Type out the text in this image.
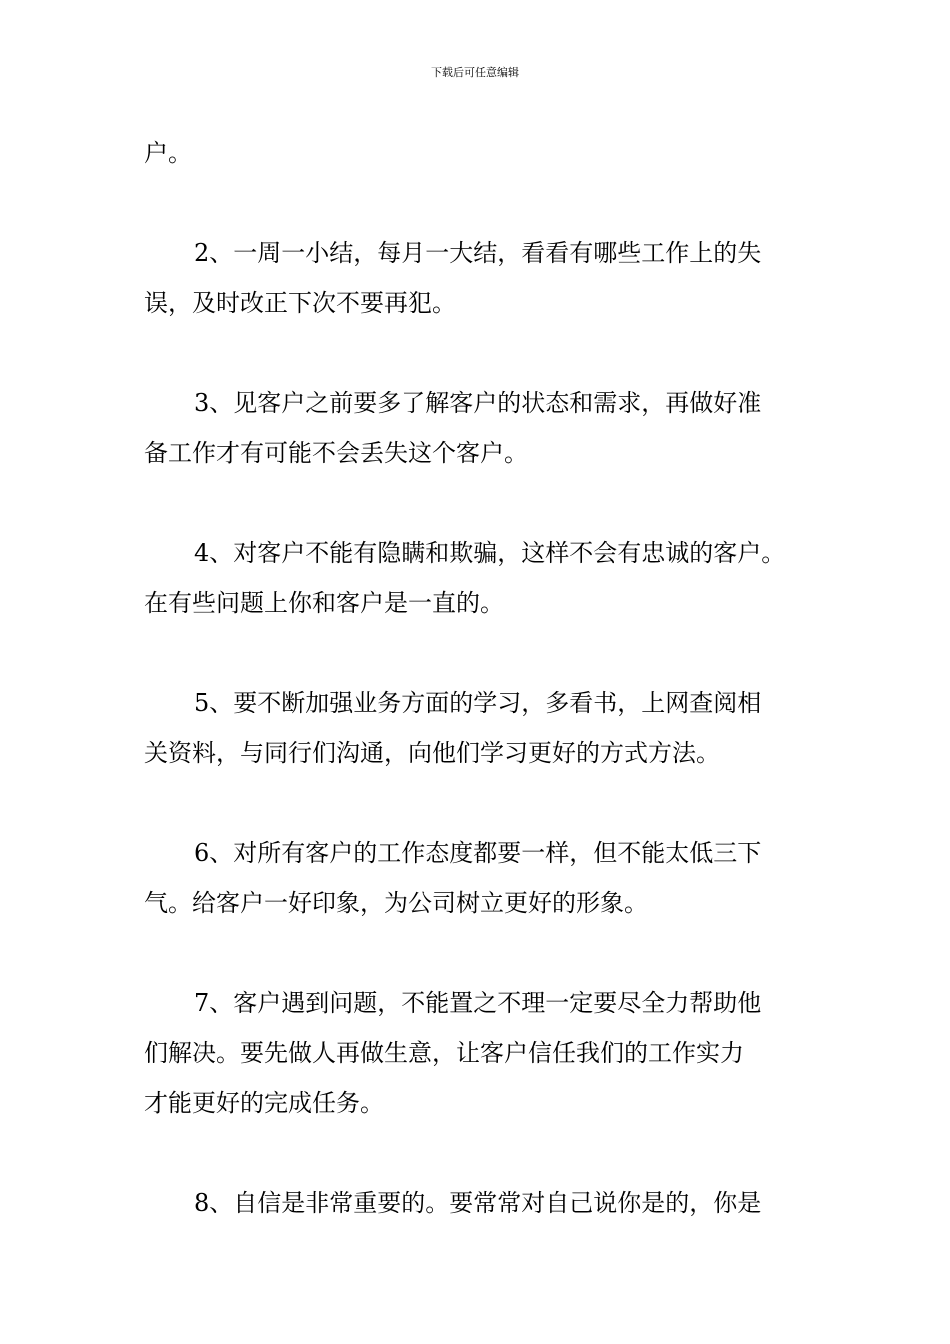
下载后可任意编辑
户。
2、一周一小结，每月一大结，看看有哪些工作上的失
误，及时改正下次不要再犯。
3、见客户之前要多了解客户的状态和需求，再做好准
备工作才有可能不会丢失这个客户。
4、对客户不能有隐瞒和欺骗，这样不会有忠诚的客户。
在有些问题上你和客户是一直的。
5、要不断加强业务方面的学习，多看书，上网查阅相
关资料，与同行们沟通，向他们学习更好的方式方法。
6、对所有客户的工作态度都要一样，但不能太低三下
气。给客户一好印象，为公司树立更好的形象。
7、客户遇到问题，不能置之不理一定要尽全力帮助他
们解决。要先做人再做生意，让客户信任我们的工作实力
才能更好的完成任务。
8、自信是非常重要的。要常常对自己说你是的，你是
